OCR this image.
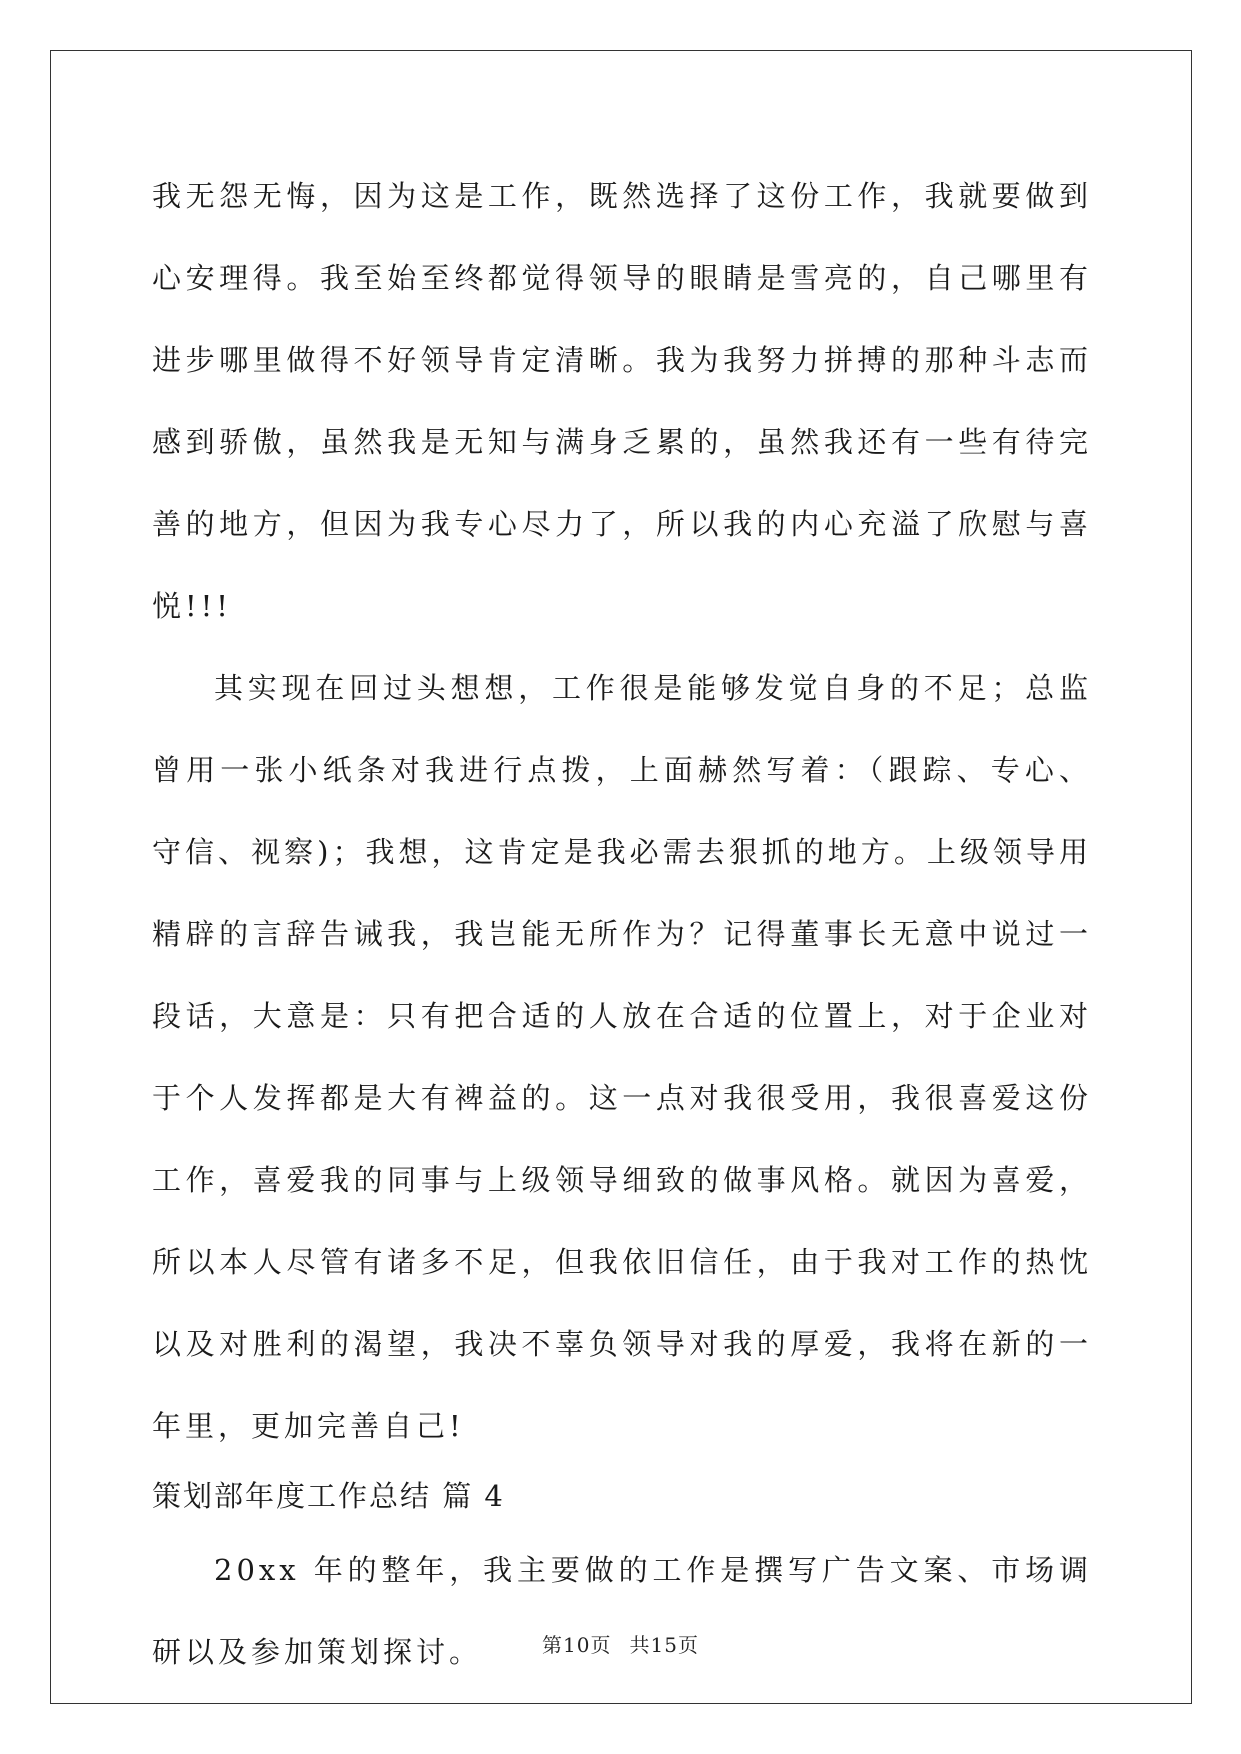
我无怨无悔，因为这是工作，既然选择了这份工作，我就要做到心安理得。我至始至终都觉得领导的眼睛是雪亮的，自己哪里有进步哪里做得不好领导肯定清晰。我为我努力拼搏的那种斗志而感到骄傲，虽然我是无知与满身乏累的，虽然我还有一些有待完善的地方，但因为我专心尽力了，所以我的内心充溢了欣慰与喜悦!!!

其实现在回过头想想，工作很是能够发觉自身的不足；总监曾用一张小纸条对我进行点拨，上面赫然写着：（跟踪、专心、守信、视察)；我想，这肯定是我必需去狠抓的地方。上级领导用精辟的言辞告诫我，我岂能无所作为？记得董事长无意中说过一段话，大意是：只有把合适的人放在合适的位置上，对于企业对于个人发挥都是大有裨益的。这一点对我很受用，我很喜爱这份工作，喜爱我的同事与上级领导细致的做事风格。就因为喜爱，所以本人尽管有诸多不足，但我依旧信任，由于我对工作的热忱以及对胜利的渴望，我决不辜负领导对我的厚爱，我将在新的一年里，更加完善自己!

策划部年度工作总结 篇 4

20xx 年的整年，我主要做的工作是撰写广告文案、市场调研以及参加策划探讨。	第10页 共15页
